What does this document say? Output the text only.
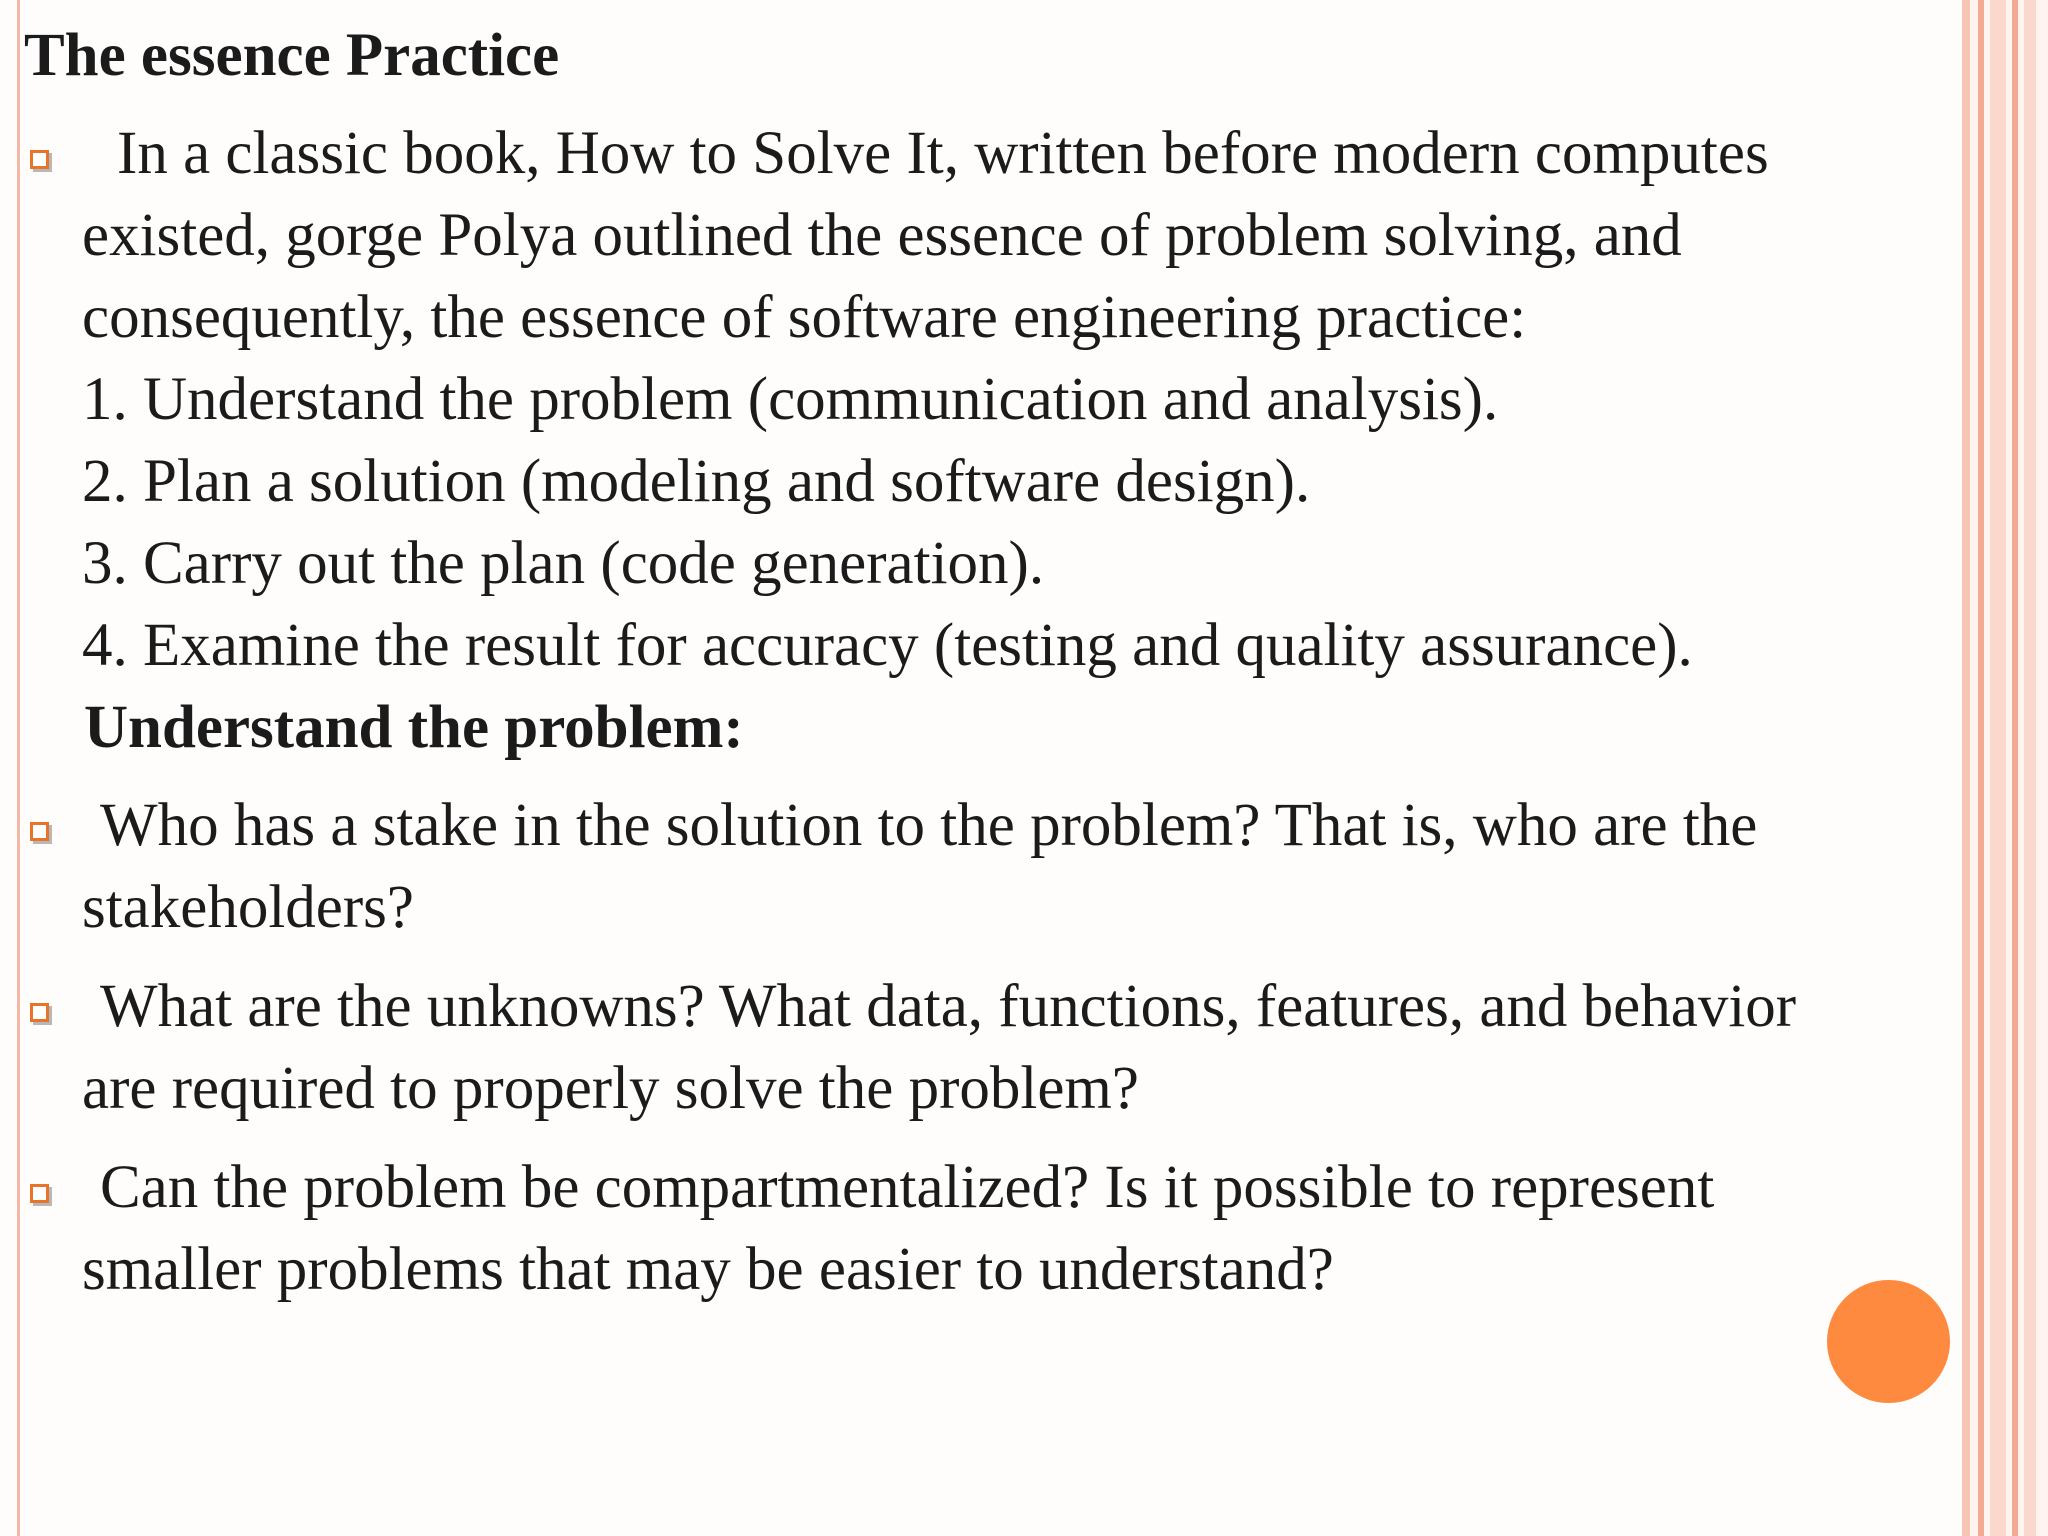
The essence Practice
In a classic book, How to Solve It, written before modern computes
existed, gorge Polya outlined the essence of problem solving, and
consequently, the essence of software engineering practice:
1. Understand the problem (communication and analysis).
2. Plan a solution (modeling and software design).
3. Carry out the plan (code generation).
4. Examine the result for accuracy (testing and quality assurance).
Understand the problem:
Who has a stake in the solution to the problem? That is, who are the
stakeholders?
What are the unknowns? What data, functions, features, and behavior
are required to properly solve the problem?
Can the problem be compartmentalized? Is it possible to represent
smaller problems that may be easier to understand?
